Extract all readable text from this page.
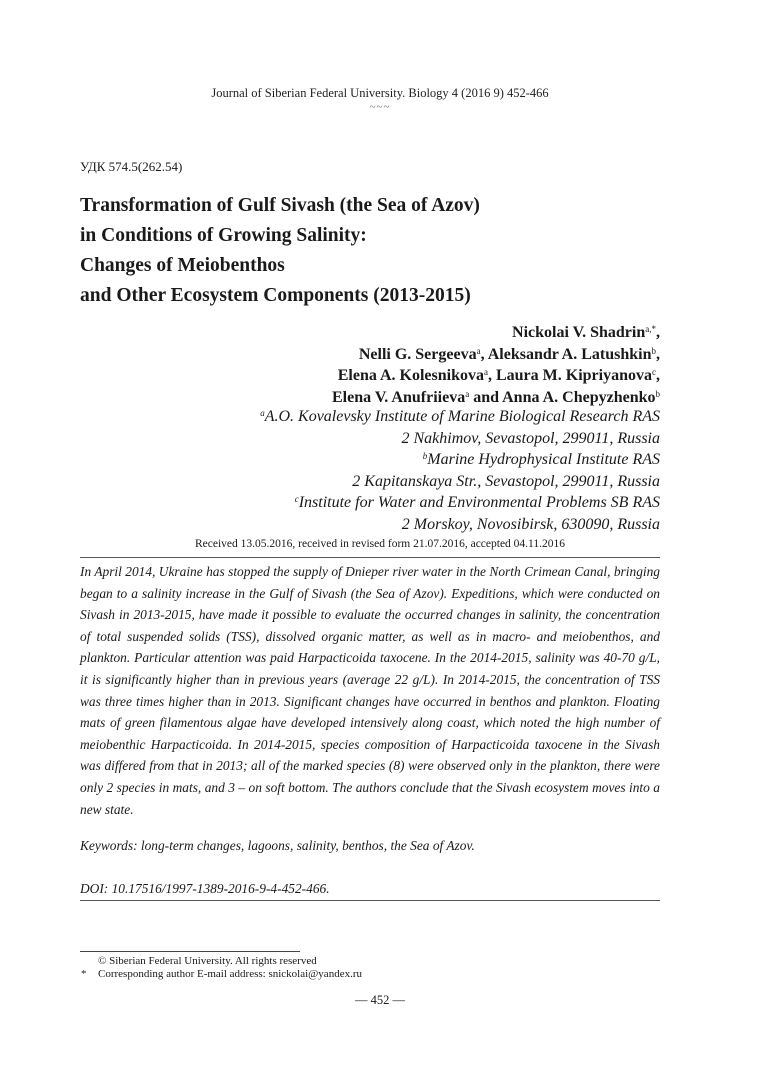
Journal of Siberian Federal University. Biology 4 (2016 9) 452-466
~~~
УДК 574.5(262.54)
Transformation of Gulf Sivash (the Sea of Azov)
in Conditions of Growing Salinity:
Changes of Meiobenthos
and Other Ecosystem Components (2013-2015)
Nickolai V. Shadrin$^{a,*}$,
Nelli G. Sergeeva$^a$, Aleksandr A. Latushkin$^b$,
Elena A. Kolesnikova$^a$, Laura M. Kipriyanova$^c$,
Elena V. Anufriieva$^a$ and Anna A. Chepyzhenko$^b$
$^a$A.O. Kovalevsky Institute of Marine Biological Research RAS
2 Nakhimov, Sevastopol, 299011, Russia
$^b$Marine Hydrophysical Institute RAS
2 Kapitanskaya Str., Sevastopol, 299011, Russia
$^c$Institute for Water and Environmental Problems SB RAS
2 Morskoy, Novosibirsk, 630090, Russia
Received 13.05.2016, received in revised form 21.07.2016, accepted 04.11.2016
In April 2014, Ukraine has stopped the supply of Dnieper river water in the North Crimean Canal, bringing began to a salinity increase in the Gulf of Sivash (the Sea of Azov). Expeditions, which were conducted on Sivash in 2013-2015, have made it possible to evaluate the occurred changes in salinity, the concentration of total suspended solids (TSS), dissolved organic matter, as well as in macro- and meiobenthos, and plankton. Particular attention was paid Harpacticoida taxocene. In the 2014-2015, salinity was 40-70 g/L, it is significantly higher than in previous years (average 22 g/L). In 2014-2015, the concentration of TSS was three times higher than in 2013. Significant changes have occurred in benthos and plankton. Floating mats of green filamentous algae have developed intensively along coast, which noted the high number of meiobenthic Harpacticoida. In 2014-2015, species composition of Harpacticoida taxocene in the Sivash was differed from that in 2013; all of the marked species (8) were observed only in the plankton, there were only 2 species in mats, and 3 – on soft bottom. The authors conclude that the Sivash ecosystem moves into a new state.
Keywords: long-term changes, lagoons, salinity, benthos, the Sea of Azov.
DOI: 10.17516/1997-1389-2016-9-4-452-466.
© Siberian Federal University. All rights reserved
* Corresponding author E-mail address: snickolai@yandex.ru
— 452 —
